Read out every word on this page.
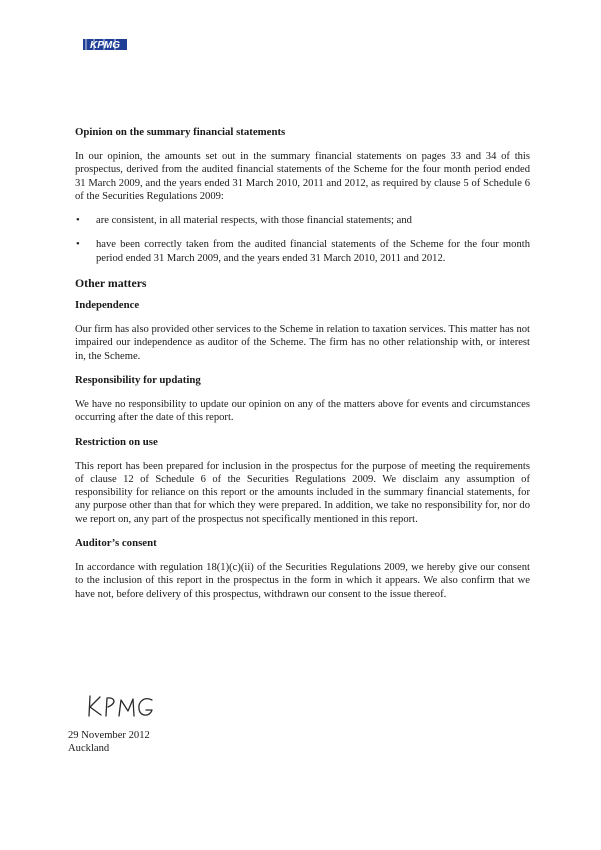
KPMG
Opinion on the summary financial statements

In our opinion, the amounts set out in the summary financial statements on pages 33 and 34 of this prospectus, derived from the audited financial statements of the Scheme for the four month period ended 31 March 2009, and the years ended 31 March 2010, 2011 and 2012, as required by clause 5 of Schedule 6 of the Securities Regulations 2009:

• are consistent, in all material respects, with those financial statements; and
• have been correctly taken from the audited financial statements of the Scheme for the four month period ended 31 March 2009, and the years ended 31 March 2010, 2011 and 2012.
Other matters
Independence

Our firm has also provided other services to the Scheme in relation to taxation services. This matter has not impaired our independence as auditor of the Scheme. The firm has no other relationship with, or interest in, the Scheme.

Responsibility for updating

We have no responsibility to update our opinion on any of the matters above for events and circumstances occurring after the date of this report.

Restriction on use

This report has been prepared for inclusion in the prospectus for the purpose of meeting the requirements of clause 12 of Schedule 6 of the Securities Regulations 2009. We disclaim any assumption of responsibility for reliance on this report or the amounts included in the summary financial statements, for any purpose other than that for which they were prepared. In addition, we take no responsibility for, nor do we report on, any part of the prospectus not specifically mentioned in this report.

Auditor’s consent

In accordance with regulation 18(1)(c)(ii) of the Securities Regulations 2009, we hereby give our consent to the inclusion of this report in the prospectus in the form in which it appears. We also confirm that we have not, before delivery of this prospectus, withdrawn our consent to the issue thereof.

29 November 2012
Auckland
